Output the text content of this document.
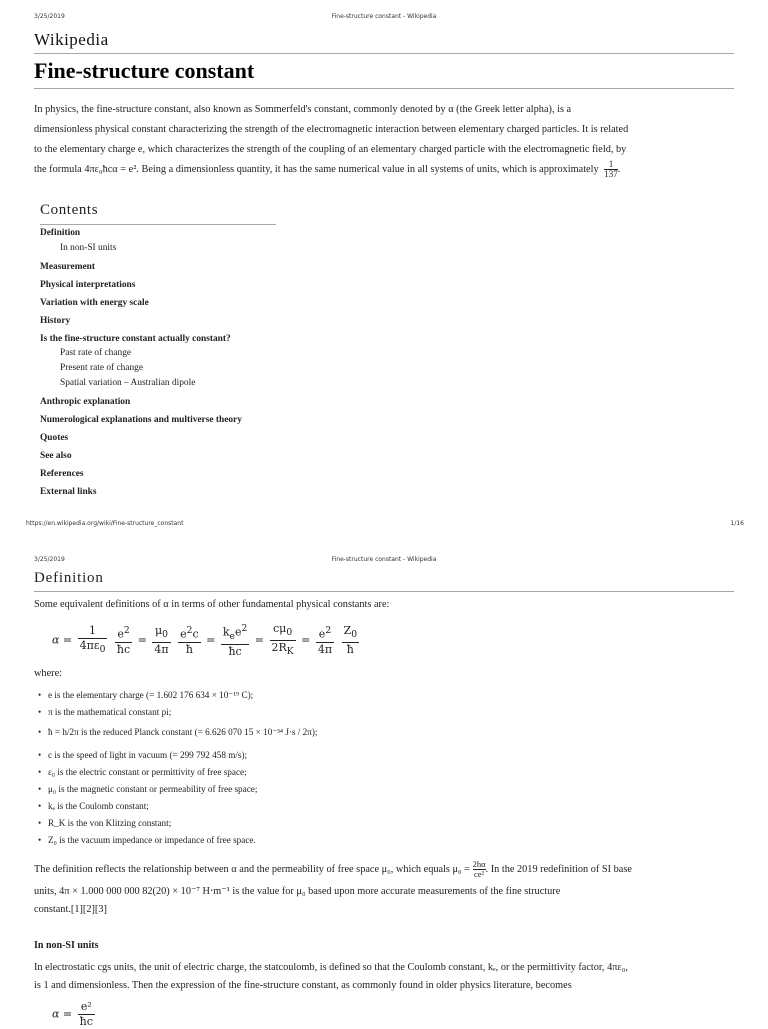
3/25/2019	Fine-structure constant - Wikipedia
Wikipedia
Fine-structure constant
In physics, the fine-structure constant, also known as Sommerfeld's constant, commonly denoted by α (the Greek letter alpha), is a
dimensionless physical constant characterizing the strength of the electromagnetic interaction between elementary charged particles. It is related
to the elementary charge e, which characterizes the strength of the coupling of an elementary charged particle with the electromagnetic field, by
the formula 4πε₀ħcα = e². Being a dimensionless quantity, it has the same numerical value in all systems of units, which is approximately $\frac{1}{137}$ .
Contents
Definition
In non-SI units
Measurement
Physical interpretations
Variation with energy scale
History
Is the fine-structure constant actually constant?
Past rate of change
Present rate of change
Spatial variation – Australian dipole
Anthropic explanation
Numerological explanations and multiverse theory
Quotes
See also
References
External links
https://en.wikipedia.org/wiki/Fine-structure_constant	1/16
3/25/2019	Fine-structure constant - Wikipedia
Definition
Some equivalent definitions of α in terms of other fundamental physical constants are:
$\alpha = \frac{1}{4\pi\varepsilon_0}$
$\frac{e^2}{ħc} = \frac{\mu_0}{4\pi}$
$\frac{e^2c}{ħ}$ =
$k_ee^2$
ħc
= $\frac{c\mu_0}{2R_K} = \frac{e^2}{4\pi}$
$\frac{Z_0}{ħ}$
where:
• e is the elementary charge (= 1.602 176 634 × 10⁻¹⁹ C);
• π is the mathematical constant pi;
• ħ = h/2π is the reduced Planck constant (= 6.626 070 15 × 10⁻³⁴ J⋅s / 2π);
• c is the speed of light in vacuum (= 299 792 458 m/s);
• ε₀ is the electric constant or permittivity of free space;
• μ₀ is the magnetic constant or permeability of free space;
• kₑ is the Coulomb constant;
• R_K is the von Klitzing constant;
• Z₀ is the vacuum impedance or impedance of free space.
The definition reflects the relationship between α and the permeability of free space μ₀, which equals $\mu_0 = \frac{2h\alpha}{\text{ce²}}$ . In the 2019 redefinition of SI base
units, 4π × 1.000 000 000 82(20) × 10⁻⁷ H⋅m⁻¹ is the value for μ₀ based upon more accurate measurements of the fine structure
constant.[1][2][3]
In non-SI units
In electrostatic cgs units, the unit of electric charge, the statcoulomb, is defined so that the Coulomb constant, kₑ, or the permittivity factor, 4πε₀,
is 1 and dimensionless. Then the expression of the fine-structure constant, as commonly found in older physics literature, becomes
$\alpha = \frac{\text{e²}}{ħc}$
